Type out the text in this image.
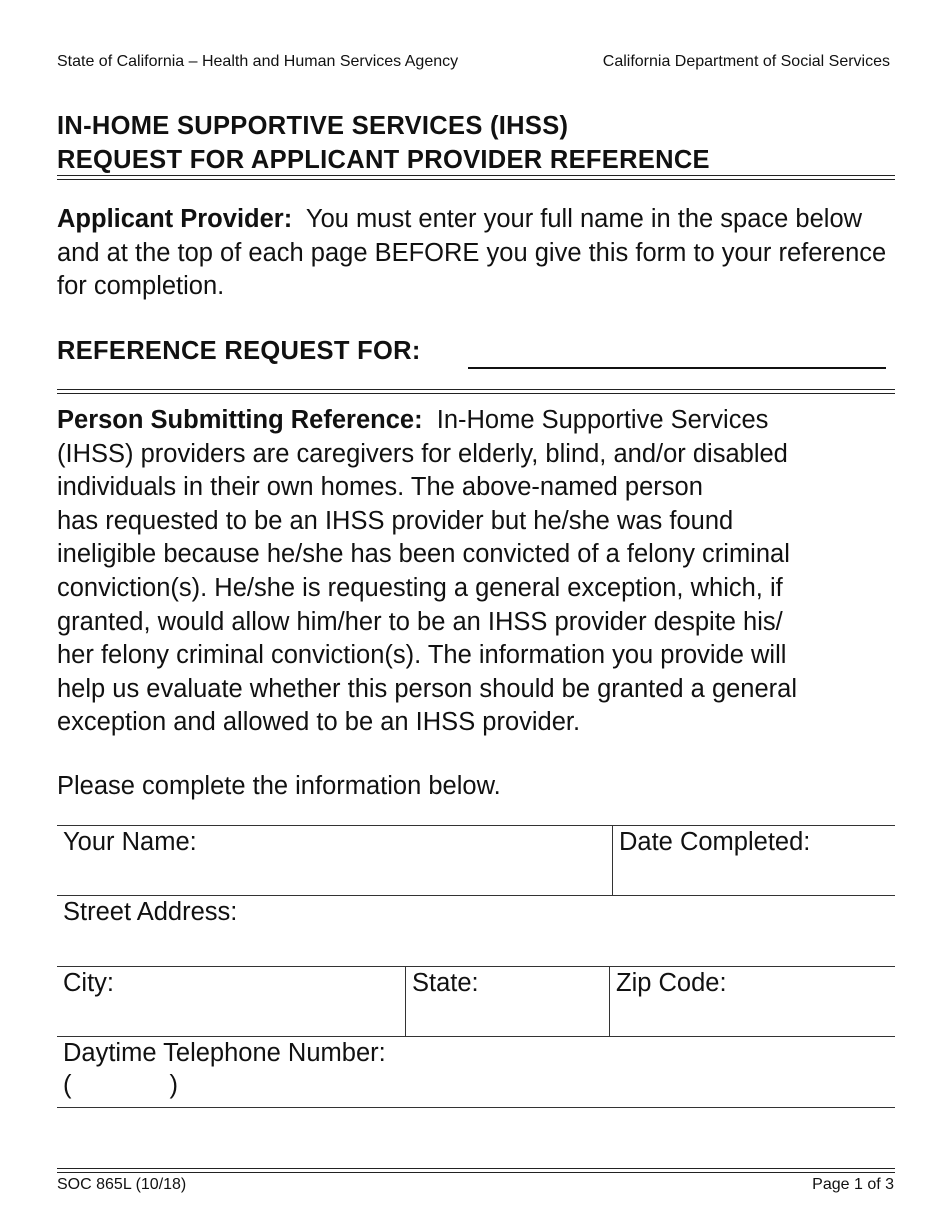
State of California – Health and Human Services Agency	California Department of Social Services
IN-HOME SUPPORTIVE SERVICES (IHSS)
REQUEST FOR APPLICANT PROVIDER REFERENCE

Applicant Provider: You must enter your full name in the space below and at the top of each page BEFORE you give this form to your reference for completion.

REFERENCE REQUEST FOR:

Person Submitting Reference: In-Home Supportive Services
(IHSS) providers are caregivers for elderly, blind, and/or disabled
individuals in their own homes. The above-named person
has requested to be an IHSS provider but he/she was found
ineligible because he/she has been convicted of a felony criminal
conviction(s). He/she is requesting a general exception, which, if
granted, would allow him/her to be an IHSS provider despite his/
her felony criminal conviction(s). The information you provide will
help us evaluate whether this person should be granted a general
exception and allowed to be an IHSS provider.

Please complete the information below.
Your Name:	Date Completed:
Street Address:
City:	State:	Zip Code:
Daytime Telephone Number:
(	)
SOC 865L (10/18)	Page 1 of 3
